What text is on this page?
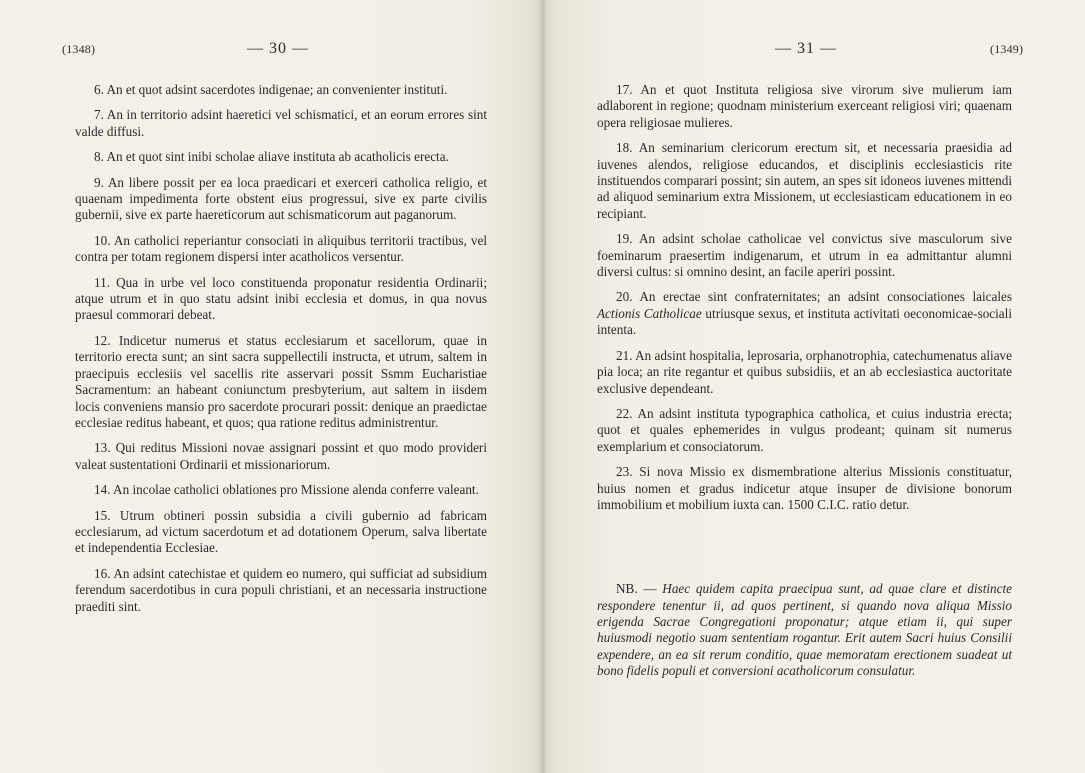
(1348)	— 30 —	— 31 —	(1349)

6. An et quot adsint sacerdotes indigenae; an convenienter instituti.

7. An in territorio adsint haeretici vel schismatici, et an eorum errores sint valde diffusi.

8. An et quot sint inibi scholae aliave instituta ab acatholicis erecta.

9. An libere possit per ea loca praedicari et exerceri catholica religio, et quaenam impedimenta forte obstent eius progressui, sive ex parte civilis gubernii, sive ex parte haereticorum aut schismaticorum aut paganorum.

10. An catholici reperiantur consociati in aliquibus territorii tractibus, vel contra per totam regionem dispersi inter acatholicos versentur.

11. Qua in urbe vel loco constituenda proponatur residentia Ordinarii; atque utrum et in quo statu adsint inibi ecclesia et domus, in qua novus praesul commorari debeat.

12. Indicetur numerus et status ecclesiarum et sacellorum, quae in territorio erecta sunt; an sint sacra suppellectili instructa, et utrum, saltem in praecipuis ecclesiis vel sacellis rite asservari possit Ssmm Eucharistiae Sacramentum: an habeant coniunctum presbyterium, aut saltem in iisdem locis conveniens mansio pro sacerdote procurari possit: denique an praedictae ecclesiae reditus habeant, et quos; qua ratione reditus administrentur.

13. Qui reditus Missioni novae assignari possint et quo modo provideri valeat sustentationi Ordinarii et missionariorum.

14. An incolae catholici oblationes pro Missione alenda conferre valeant.

15. Utrum obtineri possin subsidia a civili gubernio ad fabricam ecclesiarum, ad victum sacerdotum et ad dotationem Operum, salva libertate et independentia Ecclesiae.

16. An adsint catechistae et quidem eo numero, qui sufficiat ad subsidium ferendum sacerdotibus in cura populi christiani, et an necessaria instructione praediti sint.

17. An et quot Instituta religiosa sive virorum sive mulierum iam adlaborent in regione; quodnam ministerium exerceant religiosi viri; quaenam opera religiosae mulieres.

18. An seminarium clericorum erectum sit, et necessaria praesidia ad iuvenes alendos, religiose educandos, et disciplinis ecclesiasticis rite instituendos comparari possint; sin autem, an spes sit idoneos iuvenes mittendi ad aliquod seminarium extra Missionem, ut ecclesiasticam educationem in eo recipiant.

19. An adsint scholae catholicae vel convictus sive masculorum sive foeminarum praesertim indigenarum, et utrum in ea admittantur alumni diversi cultus: si omnino desint, an facile aperiri possint.

20. An erectae sint confraternitates; an adsint consociationes laicales Actionis Catholicae utriusque sexus, et instituta activitati oeconomicae-sociali intenta.

21. An adsint hospitalia, leprosaria, orphanotrophia, catechumenatus aliave pia loca; an rite regantur et quibus subsidiis, et an ab ecclesiastica auctoritate exclusive dependeant.

22. An adsint instituta typographica catholica, et cuius industria erecta; quot et quales ephemerides in vulgus prodeant; quinam sit numerus exemplarium et consociatorum.

23. Si nova Missio ex dismembratione alterius Missionis constituatur, huius nomen et gradus indicetur atque insuper de divisione bonorum immobilium et mobilium iuxta can. 1500 C.I.C. ratio detur.

NB. — Haec quidem capita praecipua sunt, ad quae clare et distincte respondere tenentur ii, ad quos pertinent, si quando nova aliqua Missio erigenda Sacrae Congregationi proponatur; atque etiam ii, qui super huiusmodi negotio suam sententiam rogantur. Erit autem Sacri huius Consilii expendere, an ea sit rerum conditio, quae memoratam erectionem suadeat ut bono fidelis populi et conversioni acatholicorum consulatur.
